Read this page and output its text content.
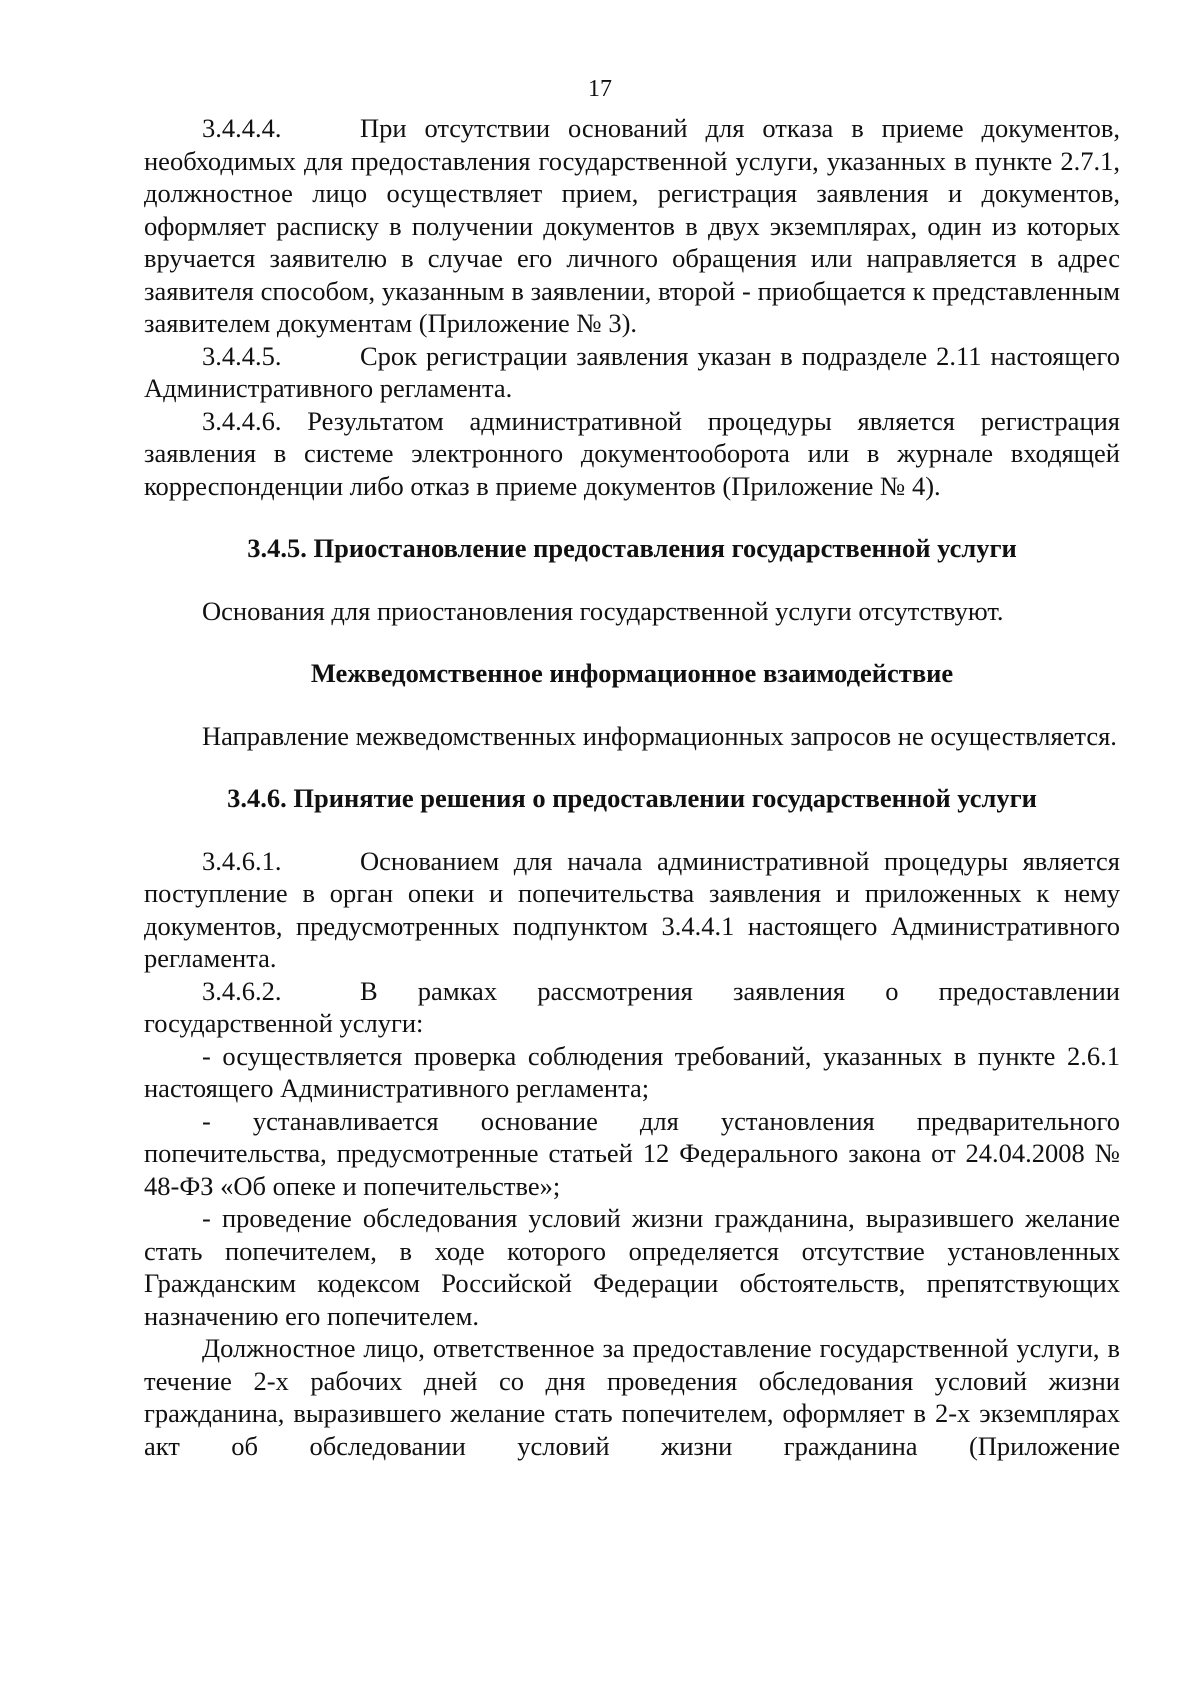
17

3.4.4.4.	При отсутствии оснований для отказа в приеме документов, необходимых для предоставления государственной услуги, указанных в пункте 2.7.1, должностное лицо осуществляет прием, регистрация заявления и документов, оформляет расписку в получении документов в двух экземплярах, один из которых вручается заявителю в случае его личного обращения или направляется в адрес заявителя способом, указанным в заявлении, второй - приобщается к представленным заявителем документам (Приложение № 3).

3.4.4.5.	Срок регистрации заявления указан в подразделе 2.11 настоящего Административного регламента.

3.4.4.6. Результатом административной процедуры является регистрация заявления в системе электронного документооборота или в журнале входящей корреспонденции либо отказ в приеме документов (Приложение № 4).

3.4.5. Приостановление предоставления государственной услуги

Основания для приостановления государственной услуги отсутствуют.

Межведомственное информационное взаимодействие

Направление межведомственных информационных запросов не осуществляется.

3.4.6. Принятие решения о предоставлении государственной услуги

3.4.6.1.	Основанием для начала административной процедуры является поступление в орган опеки и попечительства заявления и приложенных к нему документов, предусмотренных подпунктом 3.4.4.1 настоящего Административного регламента.

3.4.6.2.	В рамках рассмотрения заявления о предоставлении государственной услуги:

- осуществляется проверка соблюдения требований, указанных в пункте 2.6.1 настоящего Административного регламента;

- устанавливается основание для установления предварительного попечительства, предусмотренные статьей 12 Федерального закона от 24.04.2008 № 48-ФЗ «Об опеке и попечительстве»;

- проведение обследования условий жизни гражданина, выразившего желание стать попечителем, в ходе которого определяется отсутствие установленных Гражданским кодексом Российской Федерации обстоятельств, препятствующих назначению его попечителем.

Должностное лицо, ответственное за предоставление государственной услуги, в течение 2-х рабочих дней со дня проведения обследования условий жизни гражданина, выразившего желание стать попечителем, оформляет в 2-х экземплярах акт об обследовании условий жизни гражданина (Приложение
